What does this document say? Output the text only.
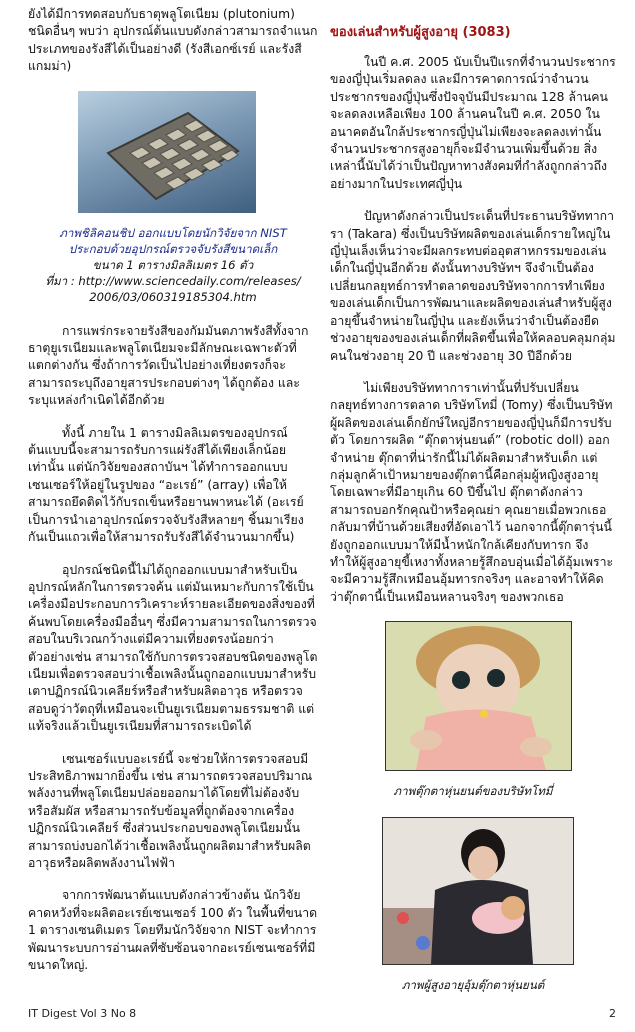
ยังได้มีการทดสอบกับธาตุพลูโตเนียม (plutonium) ชนิดอื่นๆ พบว่า อุปกรณ์ต้นแบบดังกล่าวสามารถจำแนกประเภทของรังสีได้เป็นอย่างดี (รังสีเอกซ์เรย์ และรังสีแกมม่า)

ภาพชิลิคอนชิป ออกแบบโดยนักวิจัยจาก NIST
ประกอบด้วยอุปกรณ์ตรวจจับรังสีขนาดเล็ก
ขนาด 1 ตารางมิลลิเมตร 16 ตัว
ที่มา : http://www.sciencedaily.com/releases/
2006/03/060319185304.htm

การแพร่กระจายรังสีของกัมมันตภาพรังสีทั้งจากธาตุยูเรเนียมและพลูโตเนียมจะมีลักษณะเฉพาะตัวที่แตกต่างกัน ซึ่งถ้าการวัดเป็นไปอย่างเที่ยงตรงก็จะสามารถระบุถึงอายุสารประกอบต่างๆ ได้ถูกต้อง และระบุแหล่งกำเนิดได้อีกด้วย

ทั้งนี้ ภายใน 1 ตารางมิลลิเมตรของอุปกรณ์ต้นแบบนี้จะสามารถรับการแผ่รังสีได้เพียงเล็กน้อยเท่านั้น แต่นักวิจัยของสถาบันฯ ได้ทำการออกแบบเซนเซอร์ให้อยู่ในรูปของ “อะเรย์” (array) เพื่อให้สามารถยึดติดไว้กับรถเข็นหรือยานพาหนะได้ (อะเรย์เป็นการนำเอาอุปกรณ์ตรวจจับรังสีหลายๆ ชิ้นมาเรียงกันเป็นแถวเพื่อให้สามารถรับรังสีได้จำนวนมากขึ้น)

อุปกรณ์ชนิดนี้ไม่ได้ถูกออกแบบมาสำหรับเป็นอุปกรณ์หลักในการตรวจค้น แต่มันเหมาะกับการใช้เป็นเครื่องมือประกอบการวิเคราะห์รายละเอียดของสิ่งของที่ค้นพบโดยเครื่องมืออื่นๆ ซึ่งมีความสามารถในการตรวจสอบในบริเวณกว้างแต่มีความเที่ยงตรงน้อยกว่า ตัวอย่างเช่น สามารถใช้กับการตรวจสอบชนิดของพลูโตเนียมเพื่อตรวจสอบว่าเชื้อเพลิงนั้นถูกออกแบบมาสำหรับเตาปฏิกรณ์นิวเคลียร์หรือสำหรับผลิตอาวุธ หรือตรวจสอบดูว่าวัตถุที่เหมือนจะเป็นยูเรเนียมตามธรรมชาติ แต่แท้จริงแล้วเป็นยูเรเนียมที่สามารถระเบิดได้

เซนเซอร์แบบอะเรย์นี้ จะช่วยให้การตรวจสอบมีประสิทธิภาพมากยิ่งขึ้น เช่น สามารถตรวจสอบปริมาณพลังงานที่พลูโตเนียมปล่อยออกมาได้โดยที่ไม่ต้องจับหรือสัมผัส หรือสามารถรับข้อมูลที่ถูกต้องจากเครื่องปฏิกรณ์นิวเคลียร์ ซึ่งส่วนประกอบของพลูโตเนียมนั้นสามารถบ่งบอกได้ว่าเชื้อเพลิงนั้นถูกผลิตมาสำหรับผลิตอาวุธหรือผลิตพลังงานไฟฟ้า

จากการพัฒนาต้นแบบดังกล่าวข้างต้น นักวิจัยคาดหวังที่จะผลิตอะเรย์เซนเซอร์ 100 ตัว ในพื้นที่ขนาด 1 ตารางเซนติเมตร โดยทีมนักวิจัยจาก NIST จะทำการพัฒนาระบบการอ่านผลที่ซับซ้อนจากอะเรย์เซนเซอร์ที่มีขนาดใหญ่.

ของเล่นสำหรับผู้สูงอายุ (3083)

ในปี ค.ศ. 2005 นับเป็นปีแรกที่จำนวนประชากรของญี่ปุ่นเริ่มลดลง และมีการคาดการณ์ว่าจำนวนประชากรของญี่ปุ่นซึ่งปัจจุบันมีประมาณ 128 ล้านคน จะลดลงเหลือเพียง 100 ล้านคนในปี ค.ศ. 2050 ในอนาคตอันใกล้ประชากรญี่ปุ่นไม่เพียงจะลดลงเท่านั้น จำนวนประชากรสูงอายุก็จะมีจำนวนเพิ่มขึ้นด้วย สิ่งเหล่านี้นับได้ว่าเป็นปัญหาทางสังคมที่กำลังถูกกล่าวถึงอย่างมากในประเทศญี่ปุ่น

ปัญหาดังกล่าวเป็นประเด็นที่ประธานบริษัททาการา (Takara) ซึ่งเป็นบริษัทผลิตของเล่นเด็กรายใหญ่ในญี่ปุ่นเล็งเห็นว่าจะมีผลกระทบต่ออุตสาหกรรมของเล่นเด็กในญี่ปุ่นอีกด้วย ดังนั้นทางบริษัทฯ จึงจำเป็นต้องเปลี่ยนกลยุทธ์การทำตลาดของบริษัทจากการทำเพียงของเล่นเด็กเป็นการพัฒนาและผลิตของเล่นสำหรับผู้สูงอายุขึ้นจำหน่ายในญี่ปุ่น และยังเห็นว่าจำเป็นต้องยืดช่วงอายุของของเล่นเด็กที่ผลิตขึ้นเพื่อให้คลอบคลุมกลุ่มคนในช่วงอายุ 20 ปี และช่วงอายุ 30 ปีอีกด้วย

ไม่เพียงบริษัททาการาเท่านั้นที่ปรับเปลี่ยนกลยุทธ์ทางการตลาด บริษัทโทมี่ (Tomy) ซึ่งเป็นบริษัทผู้ผลิตของเล่นเด็กยักษ์ใหญ่อีกรายของญี่ปุ่นก็มีการปรับตัว โดยการผลิต “ตุ๊กตาหุ่นยนต์” (robotic doll) ออกจำหน่าย ตุ๊กตาที่น่ารักนี้ไม่ได้ผลิตมาสำหรับเด็ก แต่กลุ่มลูกค้าเป้าหมายของตุ๊กตานี้คือกลุ่มผู้หญิงสูงอายุโดยเฉพาะที่มีอายุเกิน 60 ปีขึ้นไป ตุ๊กตาดังกล่าวสามารถบอกรักคุณป้าหรือคุณย่า คุณยายเมื่อพวกเธอกลับมาที่บ้านด้วยเสียงที่อัดเอาไว้ นอกจากนี้ตุ๊กตารุ่นนี้ยังถูกออกแบบมาให้มีน้ำหนักใกล้เคียงกับทารก จึงทำให้ผู้สูงอายุขี้เหงาทั้งหลายรู้สึกอบอุ่นเมื่อได้อุ้มเพราะจะมีความรู้สึกเหมือนอุ้มทารกจริงๆ และอาจทำให้คิดว่าตุ๊กตานี้เป็นเหมือนหลานจริงๆ ของพวกเธอ

ภาพตุ๊กตาหุ่นยนต์ของบริษัทโทมี่

ภาพผู้สูงอายุอุ้มตุ๊กตาหุ่นยนต์

IT Digest Vol 3 No 8	2
